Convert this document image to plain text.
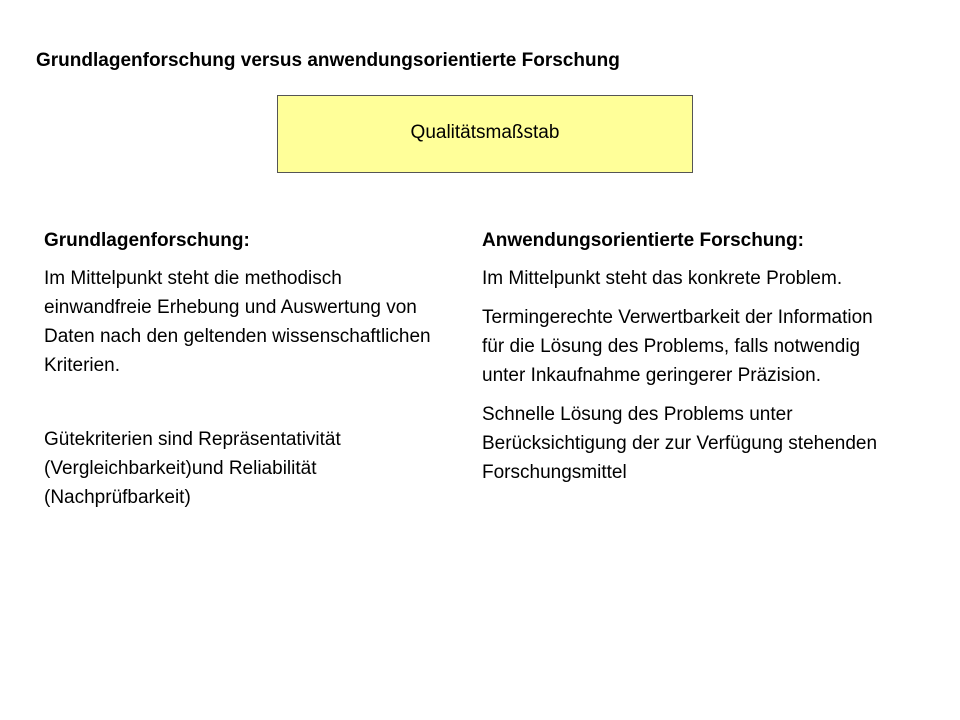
Grundlagenforschung versus anwendungsorientierte Forschung
Qualitätsmaßstab
Grundlagenforschung:
Im Mittelpunkt steht die methodisch einwandfreie Erhebung und Auswertung von Daten nach den geltenden wissenschaftlichen Kriterien.
Gütekriterien sind Repräsentativität (Vergleichbarkeit)und Reliabilität (Nachprüfbarkeit)
Anwendungsorientierte Forschung:
Im Mittelpunkt steht das konkrete Problem.
Termingerechte Verwertbarkeit der Information für die Lösung des Problems, falls notwendig unter Inkaufnahme geringerer Präzision.
Schnelle Lösung des Problems unter Berücksichtigung der zur Verfügung stehenden Forschungsmittel
